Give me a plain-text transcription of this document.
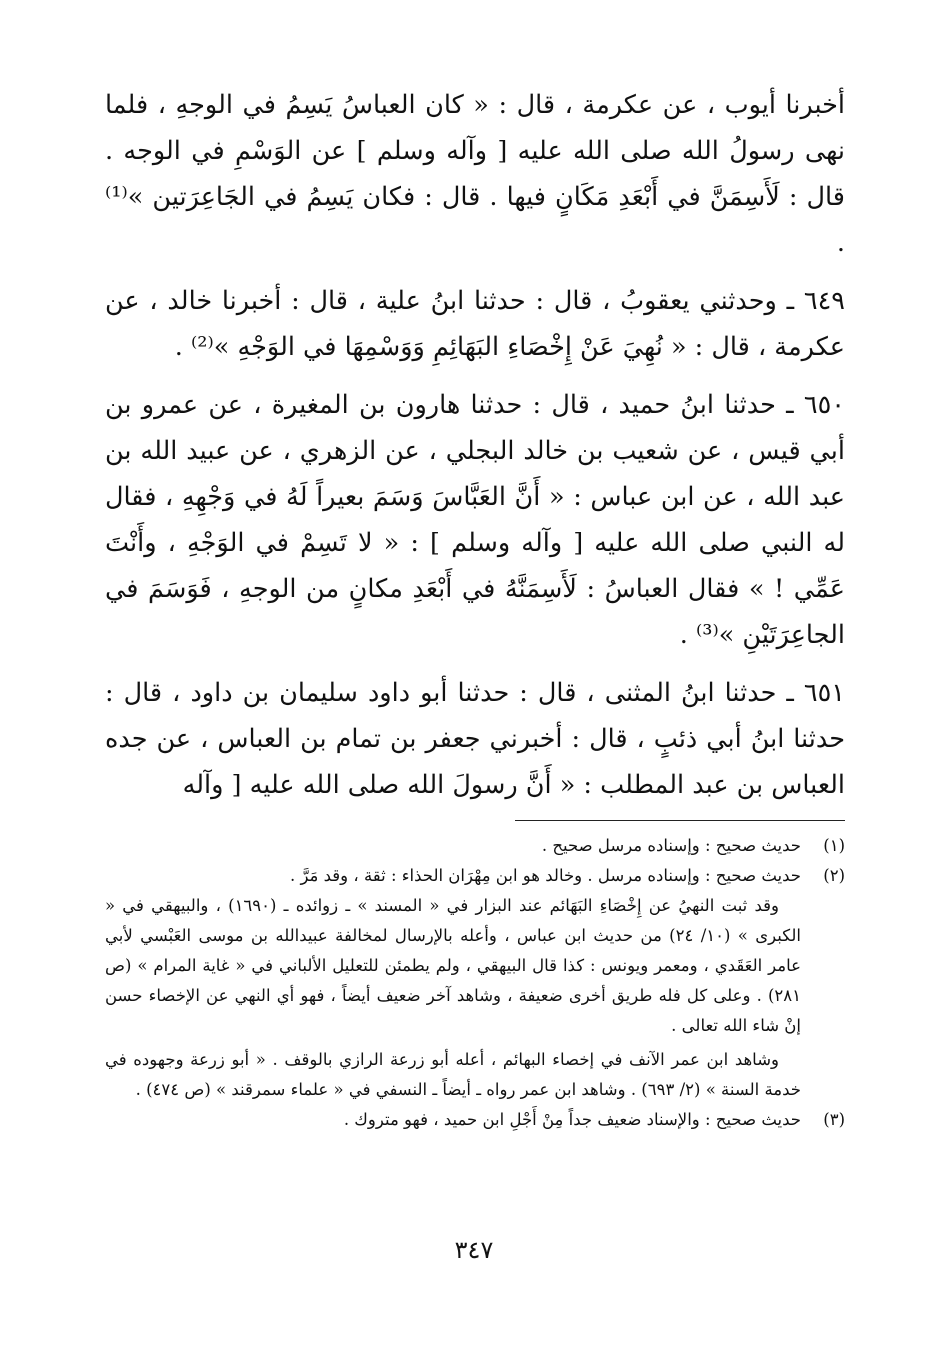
أخبرنا أيوب ، عن عكرمة ، قال : « كان العباسُ يَسِمُ في الوجهِ ، فلما نهى رسولُ الله صلى الله عليه [ وآله وسلم ] عن الوَسْمِ في الوجه . قال : لَأَسِمَنَّ في أَبْعَدِ مَكَانٍ فيها . قال : فكان يَسِمُ في الجَاعِرَتين »⁽¹⁾ .

٦٤٩ ـ وحدثني يعقوبُ ، قال : حدثنا ابنُ علية ، قال : أخبرنا خالد ، عن عكرمة ، قال : « نُهِيَ عَنْ إِخْصَاءِ البَهَائِمِ وَوَسْمِهَا في الوَجْهِ »⁽²⁾ .

٦٥٠ ـ حدثنا ابنُ حميد ، قال : حدثنا هارون بن المغيرة ، عن عمرو بن أبي قيس ، عن شعيب بن خالد البجلي ، عن الزهري ، عن عبيد الله بن عبد الله ، عن ابن عباس : « أَنَّ العَبَّاسَ وَسَمَ بعيراً لَهُ في وَجْهِهِ ، فقال له النبي صلى الله عليه [ وآله وسلم ] : « لا تَسِمْ في الوَجْهِ ، وأَنْتَ عَمِّي ! » فقال العباسُ : لَأَسِمَنَّهُ في أَبْعَدِ مكانٍ من الوجهِ ، فَوَسَمَ في الجاعِرَتَيْنِ »⁽³⁾ .

٦٥١ ـ حدثنا ابنُ المثنى ، قال : حدثنا أبو داود سليمان بن داود ، قال : حدثنا ابنُ أبي ذئبٍ ، قال : أخبرني جعفر بن تمام بن العباس ، عن جده العباس بن عبد المطلب : « أَنَّ رسولَ الله صلى الله عليه [ وآله

(١)

حديث صحيح : وإسناده مرسل صحيح .

(٢)

حديث صحيح : وإسناده مرسل . وخالد هو ابن مِهْرَان الحذاء : ثقة ، وقد مَرَّ .

وقد ثبت النهيُ عن إِخْصَاءِ البَهَائم عند البزار في « المسند » ـ زوائده ـ (١٦٩٠) ، والبيهقي في « الكبرى » (١٠/ ٢٤) من حديث ابن عباس ، وأعله بالإرسال لمخالفة عبيدالله بن موسى العَبْسي لأبي عامر العَقَدي ، ومعمر ويونس : كذا قال البيهقي ، ولم يطمئن للتعليل الألباني في « غاية المرام » (ص ٢٨١) . وعلى كل فله طريق أخرى ضعيفة ، وشاهد آخر ضعيف أيضاً ، فهو أي النهي عن الإخصاء حسن إنْ شاء الله تعالى .

وشاهد ابن عمر الآنف في إخصاء البهائم ، أعله أبو زرعة الرازي بالوقف . « أبو زرعة وجهوده في خدمة السنة » (٢/ ٦٩٣) . وشاهد ابن عمر رواه ـ أيضاً ـ النسفي في « علماء سمرقند » (ص ٤٧٤) .

(٣)

حديث صحيح : والإسناد ضعيف جداً مِنْ أَجْلِ ابن حميد ، فهو متروك .

٣٤٧
